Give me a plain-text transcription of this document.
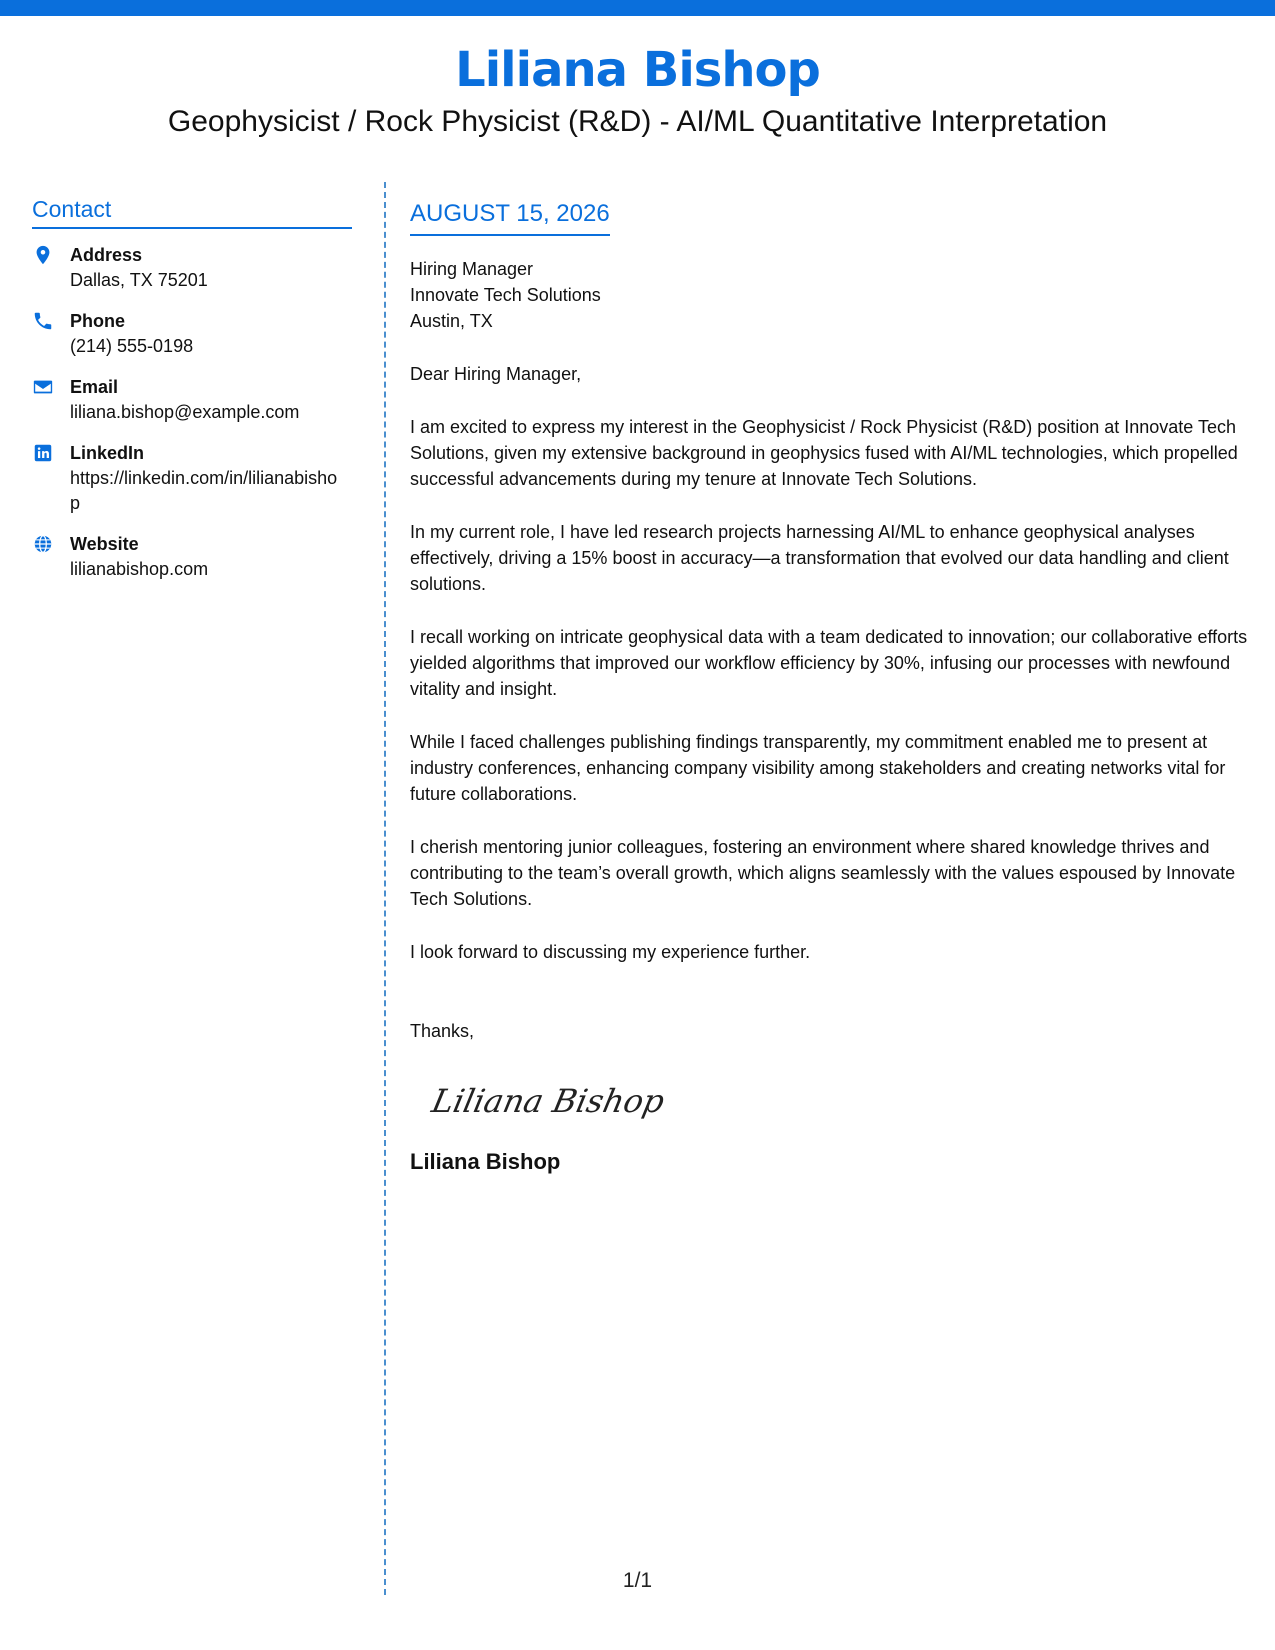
Liliana Bishop
Geophysicist / Rock Physicist (R&D) - AI/ML Quantitative Interpretation
Contact
Address
Dallas, TX 75201
Phone
(214) 555-0198
Email
liliana.bishop@example.com
LinkedIn
https://linkedin.com/in/lilianabishop
Website
lilianabishop.com
AUGUST 15, 2026
Hiring Manager
Innovate Tech Solutions
Austin, TX
Dear Hiring Manager,
I am excited to express my interest in the Geophysicist / Rock Physicist (R&D) position at Innovate Tech Solutions, given my extensive background in geophysics fused with AI/ML technologies, which propelled successful advancements during my tenure at Innovate Tech Solutions.
In my current role, I have led research projects harnessing AI/ML to enhance geophysical analyses effectively, driving a 15% boost in accuracy—a transformation that evolved our data handling and client solutions.
I recall working on intricate geophysical data with a team dedicated to innovation; our collaborative efforts yielded algorithms that improved our workflow efficiency by 30%, infusing our processes with newfound vitality and insight.
While I faced challenges publishing findings transparently, my commitment enabled me to present at industry conferences, enhancing company visibility among stakeholders and creating networks vital for future collaborations.
I cherish mentoring junior colleagues, fostering an environment where shared knowledge thrives and contributing to the team’s overall growth, which aligns seamlessly with the values espoused by Innovate Tech Solutions.
I look forward to discussing my experience further.
Thanks,
Liliana Bishop
Liliana Bishop
1/1
